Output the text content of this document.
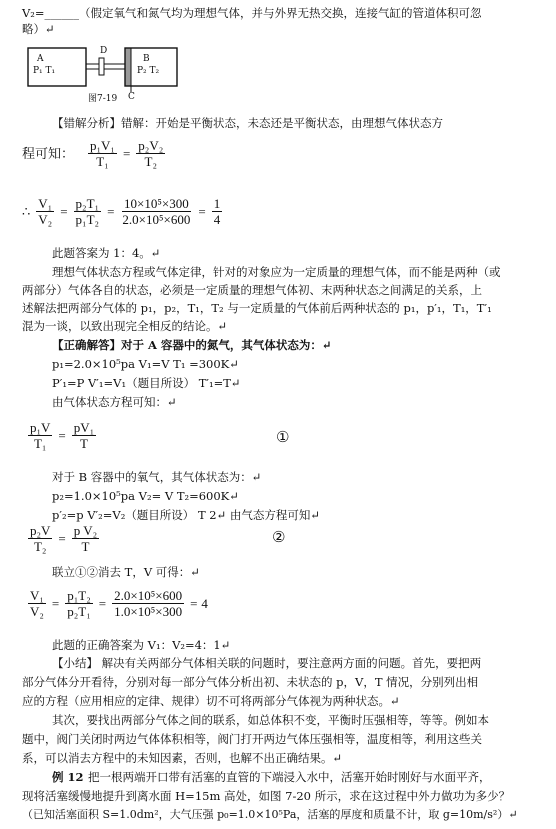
V₂=______（假定氧气和氮气均为理想气体，并与外界无热交换，连接气缸的管道体积可忽
略）↵
A
P₁ T₁
D
B
P₂ T₂
图7-19 C
【错解分析】错解：开始是平衡状态，未态还是平衡状态，由理想气体状态方
程可知： $\frac{\text{p₁V₁}}{\text{T₁}} = \frac{\text{p₂V₂}}{\text{T₂}}$
∴ $\frac{\text{V₁}}{\text{V₂}} = \frac{\text{p₂T₁}}{\text{p₁T₂}} = \frac{\text{10×10⁵×300}}{\text{2.0×10⁵×600}} = \frac{1}{4}$
此题答案为 1：4。↵
理想气体状态方程或气体定律，针对的对象应为一定质量的理想气体，而不能是两种（或
两部分）气体各自的状态，必须是一定质量的理想气体初、末两种状态之间满足的关系，上
述解法把两部分气体的 p₁，p₂，T₁，T₂ 与一定质量的气体前后两种状态的 p₁，p′₁，T₁，T′₁
混为一谈，以致出现完全相反的结论。↵
【正确解答】对于 A 容器中的氮气，其气体状态为：↵
p₁=2.0×10⁵pa V₁=V T₁ =300K↵
P′₁=P V′₁=V₁（题目所设） T′₁=T↵
由气体状态方程可知：↵
$\frac{\text{p₁V}}{\text{T₁}} = \frac{\text{pV₁}}{T}$	①
对于 B 容器中的氧气，其气体状态为：↵
p₂=1.0×10⁵pa V₂= V T₂=600K↵
p′₂=p V′₂=V₂（题目所设） T 2↵ 由气态方程可知↵
$\frac{\text{p₂V}}{\text{T₂}} = \frac{\text{p V₂}}{T}$	②
联立①②消去 T，V 可得：↵
$\frac{\text{V₁}}{\text{V₂}} = \frac{\text{p₁T₂}}{\text{p₂T₁}} = \frac{\text{2.0×10⁵×600}}{\text{1.0×10⁵×300}} = 4$
此题的正确答案为 V₁：V₂=4：1↵
【小结】 解决有关两部分气体相关联的问题时，要注意两方面的问题。首先，要把两
部分气体分开看待，分别对每一部分气体分析出初、未状态的 p，V，T 情况，分别列出相
应的方程（应用相应的定律、规律）切不可将两部分气体视为两种状态。↵
其次，要找出两部分气体之间的联系，如总体积不变，平衡时压强相等，等等。例如本
题中，阀门关闭时两边气体体积相等，阀门打开两边气体压强相等，温度相等，利用这些关
系，可以消去方程中的未知因素，否则，也解不出正确结果。↵
例 12 把一根两端开口带有活塞的直管的下端浸入水中，活塞开始时刚好与水面平齐，
现将活塞缓慢地提升到离水面 H=15m 高处，如图 7-20 所示，求在这过程中外力做功为多少？
（已知活塞面积 S=1.0dm²，大气压强 p₀=1.0×10⁵Pa，活塞的厚度和质量不计，取 g=10m/s²）↵
